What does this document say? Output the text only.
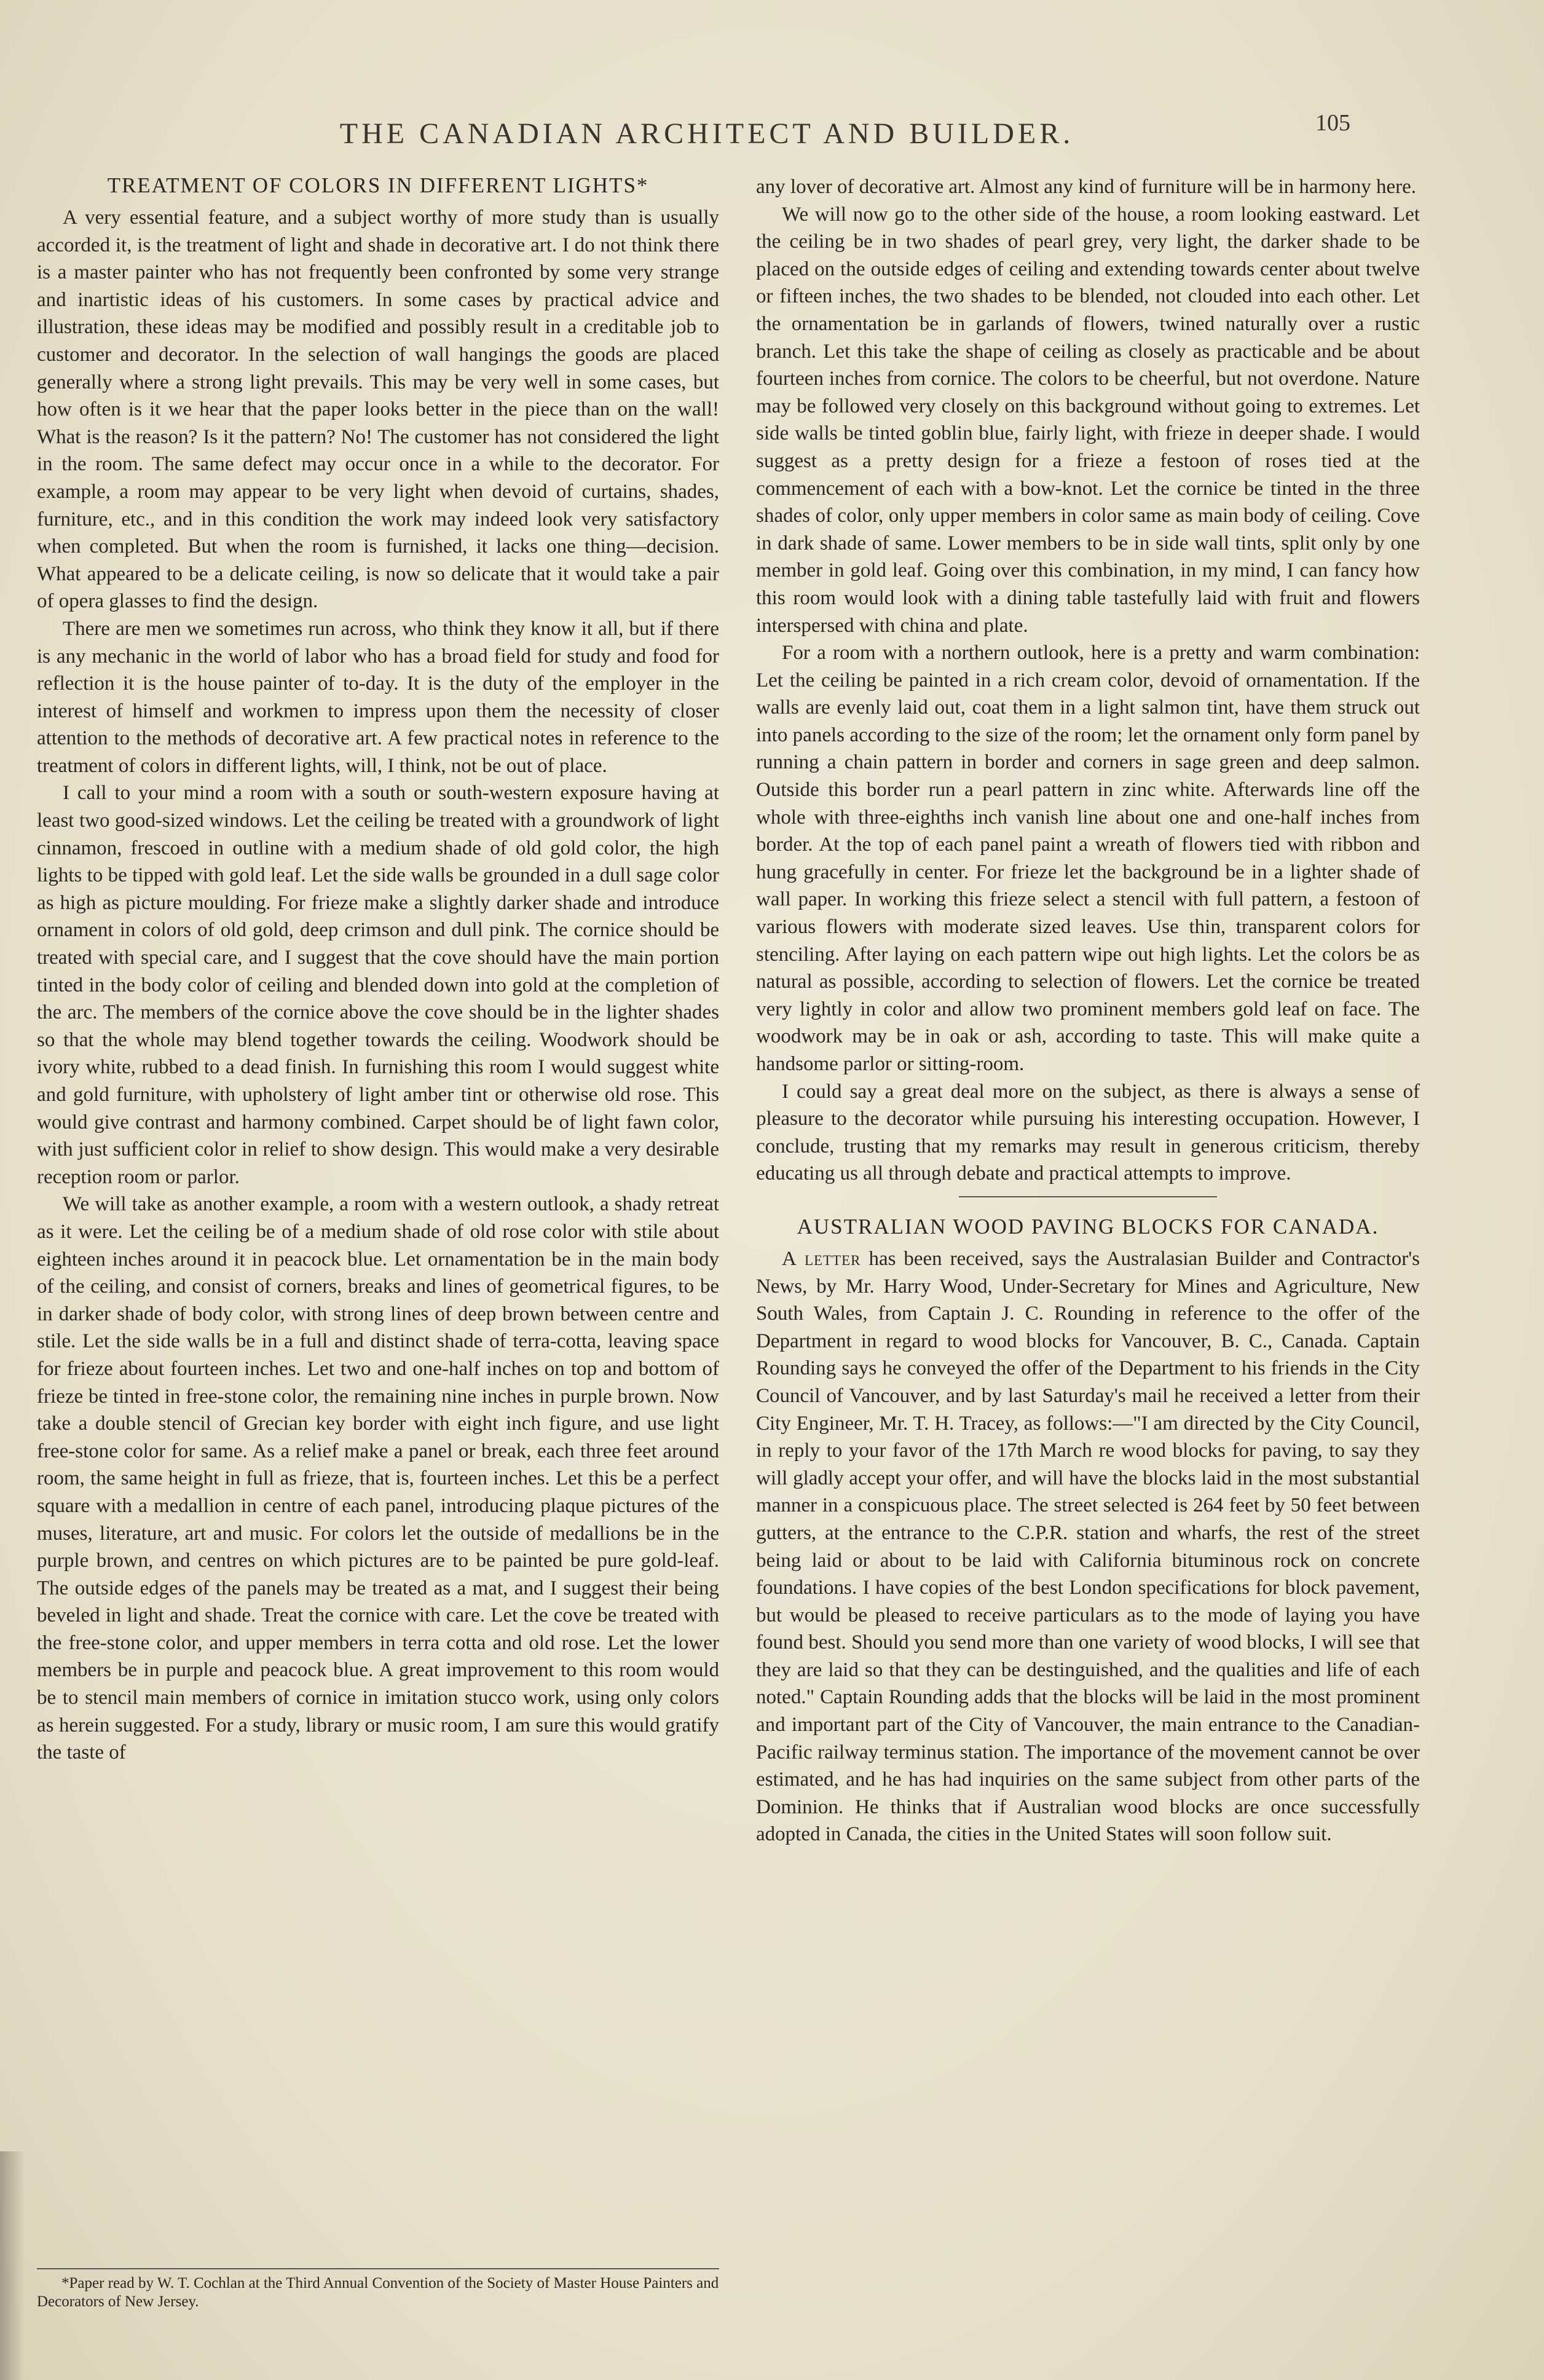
THE CANADIAN ARCHITECT AND BUILDER.	105
TREATMENT OF COLORS IN DIFFERENT LIGHTS*

A very essential feature, and a subject worthy of more study than is usually accorded it, is the treatment of light and shade in decorative art. I do not think there is a master painter who has not frequently been confronted by some very strange and inartistic ideas of his customers. In some cases by practical advice and illustration, these ideas may be modified and possibly result in a creditable job to customer and decorator. In the selection of wall hangings the goods are placed generally where a strong light prevails. This may be very well in some cases, but how often is it we hear that the paper looks better in the piece than on the wall! What is the reason? Is it the pattern? No! The customer has not considered the light in the room. The same defect may occur once in a while to the decorator. For example, a room may appear to be very light when devoid of curtains, shades, furniture, etc., and in this condition the work may indeed look very satisfactory when completed. But when the room is furnished, it lacks one thing—decision. What appeared to be a delicate ceiling, is now so delicate that it would take a pair of opera glasses to find the design.

There are men we sometimes run across, who think they know it all, but if there is any mechanic in the world of labor who has a broad field for study and food for reflection it is the house painter of to-day. It is the duty of the employer in the interest of himself and workmen to impress upon them the necessity of closer attention to the methods of decorative art. A few practical notes in reference to the treatment of colors in different lights, will, I think, not be out of place.

I call to your mind a room with a south or south-western exposure having at least two good-sized windows. Let the ceiling be treated with a groundwork of light cinnamon, frescoed in outline with a medium shade of old gold color, the high lights to be tipped with gold leaf. Let the side walls be grounded in a dull sage color as high as picture moulding. For frieze make a slightly darker shade and introduce ornament in colors of old gold, deep crimson and dull pink. The cornice should be treated with special care, and I suggest that the cove should have the main portion tinted in the body color of ceiling and blended down into gold at the completion of the arc. The members of the cornice above the cove should be in the lighter shades so that the whole may blend together towards the ceiling. Woodwork should be ivory white, rubbed to a dead finish. In furnishing this room I would suggest white and gold furniture, with upholstery of light amber tint or otherwise old rose. This would give contrast and harmony combined. Carpet should be of light fawn color, with just sufficient color in relief to show design. This would make a very desirable reception room or parlor.

We will take as another example, a room with a western outlook, a shady retreat as it were. Let the ceiling be of a medium shade of old rose color with stile about eighteen inches around it in peacock blue. Let ornamentation be in the main body of the ceiling, and consist of corners, breaks and lines of geometrical figures, to be in darker shade of body color, with strong lines of deep brown between centre and stile. Let the side walls be in a full and distinct shade of terra-cotta, leaving space for frieze about fourteen inches. Let two and one-half inches on top and bottom of frieze be tinted in free-stone color, the remaining nine inches in purple brown. Now take a double stencil of Grecian key border with eight inch figure, and use light free-stone color for same. As a relief make a panel or break, each three feet around room, the same height in full as frieze, that is, fourteen inches. Let this be a perfect square with a medallion in centre of each panel, introducing plaque pictures of the muses, literature, art and music. For colors let the outside of medallions be in the purple brown, and centres on which pictures are to be painted be pure gold-leaf. The outside edges of the panels may be treated as a mat, and I suggest their being beveled in light and shade. Treat the cornice with care. Let the cove be treated with the free-stone color, and upper members in terra cotta and old rose. Let the lower members be in purple and peacock blue. A great improvement to this room would be to stencil main members of cornice in imitation stucco work, using only colors as herein suggested. For a study, library or music room, I am sure this would gratify the taste of

*Paper read by W. T. Cochlan at the Third Annual Convention of the Society of Master House Painters and Decorators of New Jersey.

any lover of decorative art. Almost any kind of furniture will be in harmony here.

We will now go to the other side of the house, a room looking eastward. Let the ceiling be in two shades of pearl grey, very light, the darker shade to be placed on the outside edges of ceiling and extending towards center about twelve or fifteen inches, the two shades to be blended, not clouded into each other. Let the ornamentation be in garlands of flowers, twined naturally over a rustic branch. Let this take the shape of ceiling as closely as practicable and be about fourteen inches from cornice. The colors to be cheerful, but not overdone. Nature may be followed very closely on this background without going to extremes. Let side walls be tinted goblin blue, fairly light, with frieze in deeper shade. I would suggest as a pretty design for a frieze a festoon of roses tied at the commencement of each with a bow-knot. Let the cornice be tinted in the three shades of color, only upper members in color same as main body of ceiling. Cove in dark shade of same. Lower members to be in side wall tints, split only by one member in gold leaf. Going over this combination, in my mind, I can fancy how this room would look with a dining table tastefully laid with fruit and flowers interspersed with china and plate.

For a room with a northern outlook, here is a pretty and warm combination: Let the ceiling be painted in a rich cream color, devoid of ornamentation. If the walls are evenly laid out, coat them in a light salmon tint, have them struck out into panels according to the size of the room; let the ornament only form panel by running a chain pattern in border and corners in sage green and deep salmon. Outside this border run a pearl pattern in zinc white. Afterwards line off the whole with three-eighths inch vanish line about one and one-half inches from border. At the top of each panel paint a wreath of flowers tied with ribbon and hung gracefully in center. For frieze let the background be in a lighter shade of wall paper. In working this frieze select a stencil with full pattern, a festoon of various flowers with moderate sized leaves. Use thin, transparent colors for stenciling. After laying on each pattern wipe out high lights. Let the colors be as natural as possible, according to selection of flowers. Let the cornice be treated very lightly in color and allow two prominent members gold leaf on face. The woodwork may be in oak or ash, according to taste. This will make quite a handsome parlor or sitting-room.

I could say a great deal more on the subject, as there is always a sense of pleasure to the decorator while pursuing his interesting occupation. However, I conclude, trusting that my remarks may result in generous criticism, thereby educating us all through debate and practical attempts to improve.

AUSTRALIAN WOOD PAVING BLOCKS FOR CANADA.

A letter has been received, says the Australasian Builder and Contractor's News, by Mr. Harry Wood, Under-Secretary for Mines and Agriculture, New South Wales, from Captain J. C. Rounding in reference to the offer of the Department in regard to wood blocks for Vancouver, B. C., Canada. Captain Rounding says he conveyed the offer of the Department to his friends in the City Council of Vancouver, and by last Saturday's mail he received a letter from their City Engineer, Mr. T. H. Tracey, as follows:—"I am directed by the City Council, in reply to your favor of the 17th March re wood blocks for paving, to say they will gladly accept your offer, and will have the blocks laid in the most substantial manner in a conspicuous place. The street selected is 264 feet by 50 feet between gutters, at the entrance to the C.P.R. station and wharfs, the rest of the street being laid or about to be laid with California bituminous rock on concrete foundations. I have copies of the best London specifications for block pavement, but would be pleased to receive particulars as to the mode of laying you have found best. Should you send more than one variety of wood blocks, I will see that they are laid so that they can be destinguished, and the qualities and life of each noted." Captain Rounding adds that the blocks will be laid in the most prominent and important part of the City of Vancouver, the main entrance to the Canadian-Pacific railway terminus station. The importance of the movement cannot be over estimated, and he has had inquiries on the same subject from other parts of the Dominion. He thinks that if Australian wood blocks are once successfully adopted in Canada, the cities in the United States will soon follow suit.
